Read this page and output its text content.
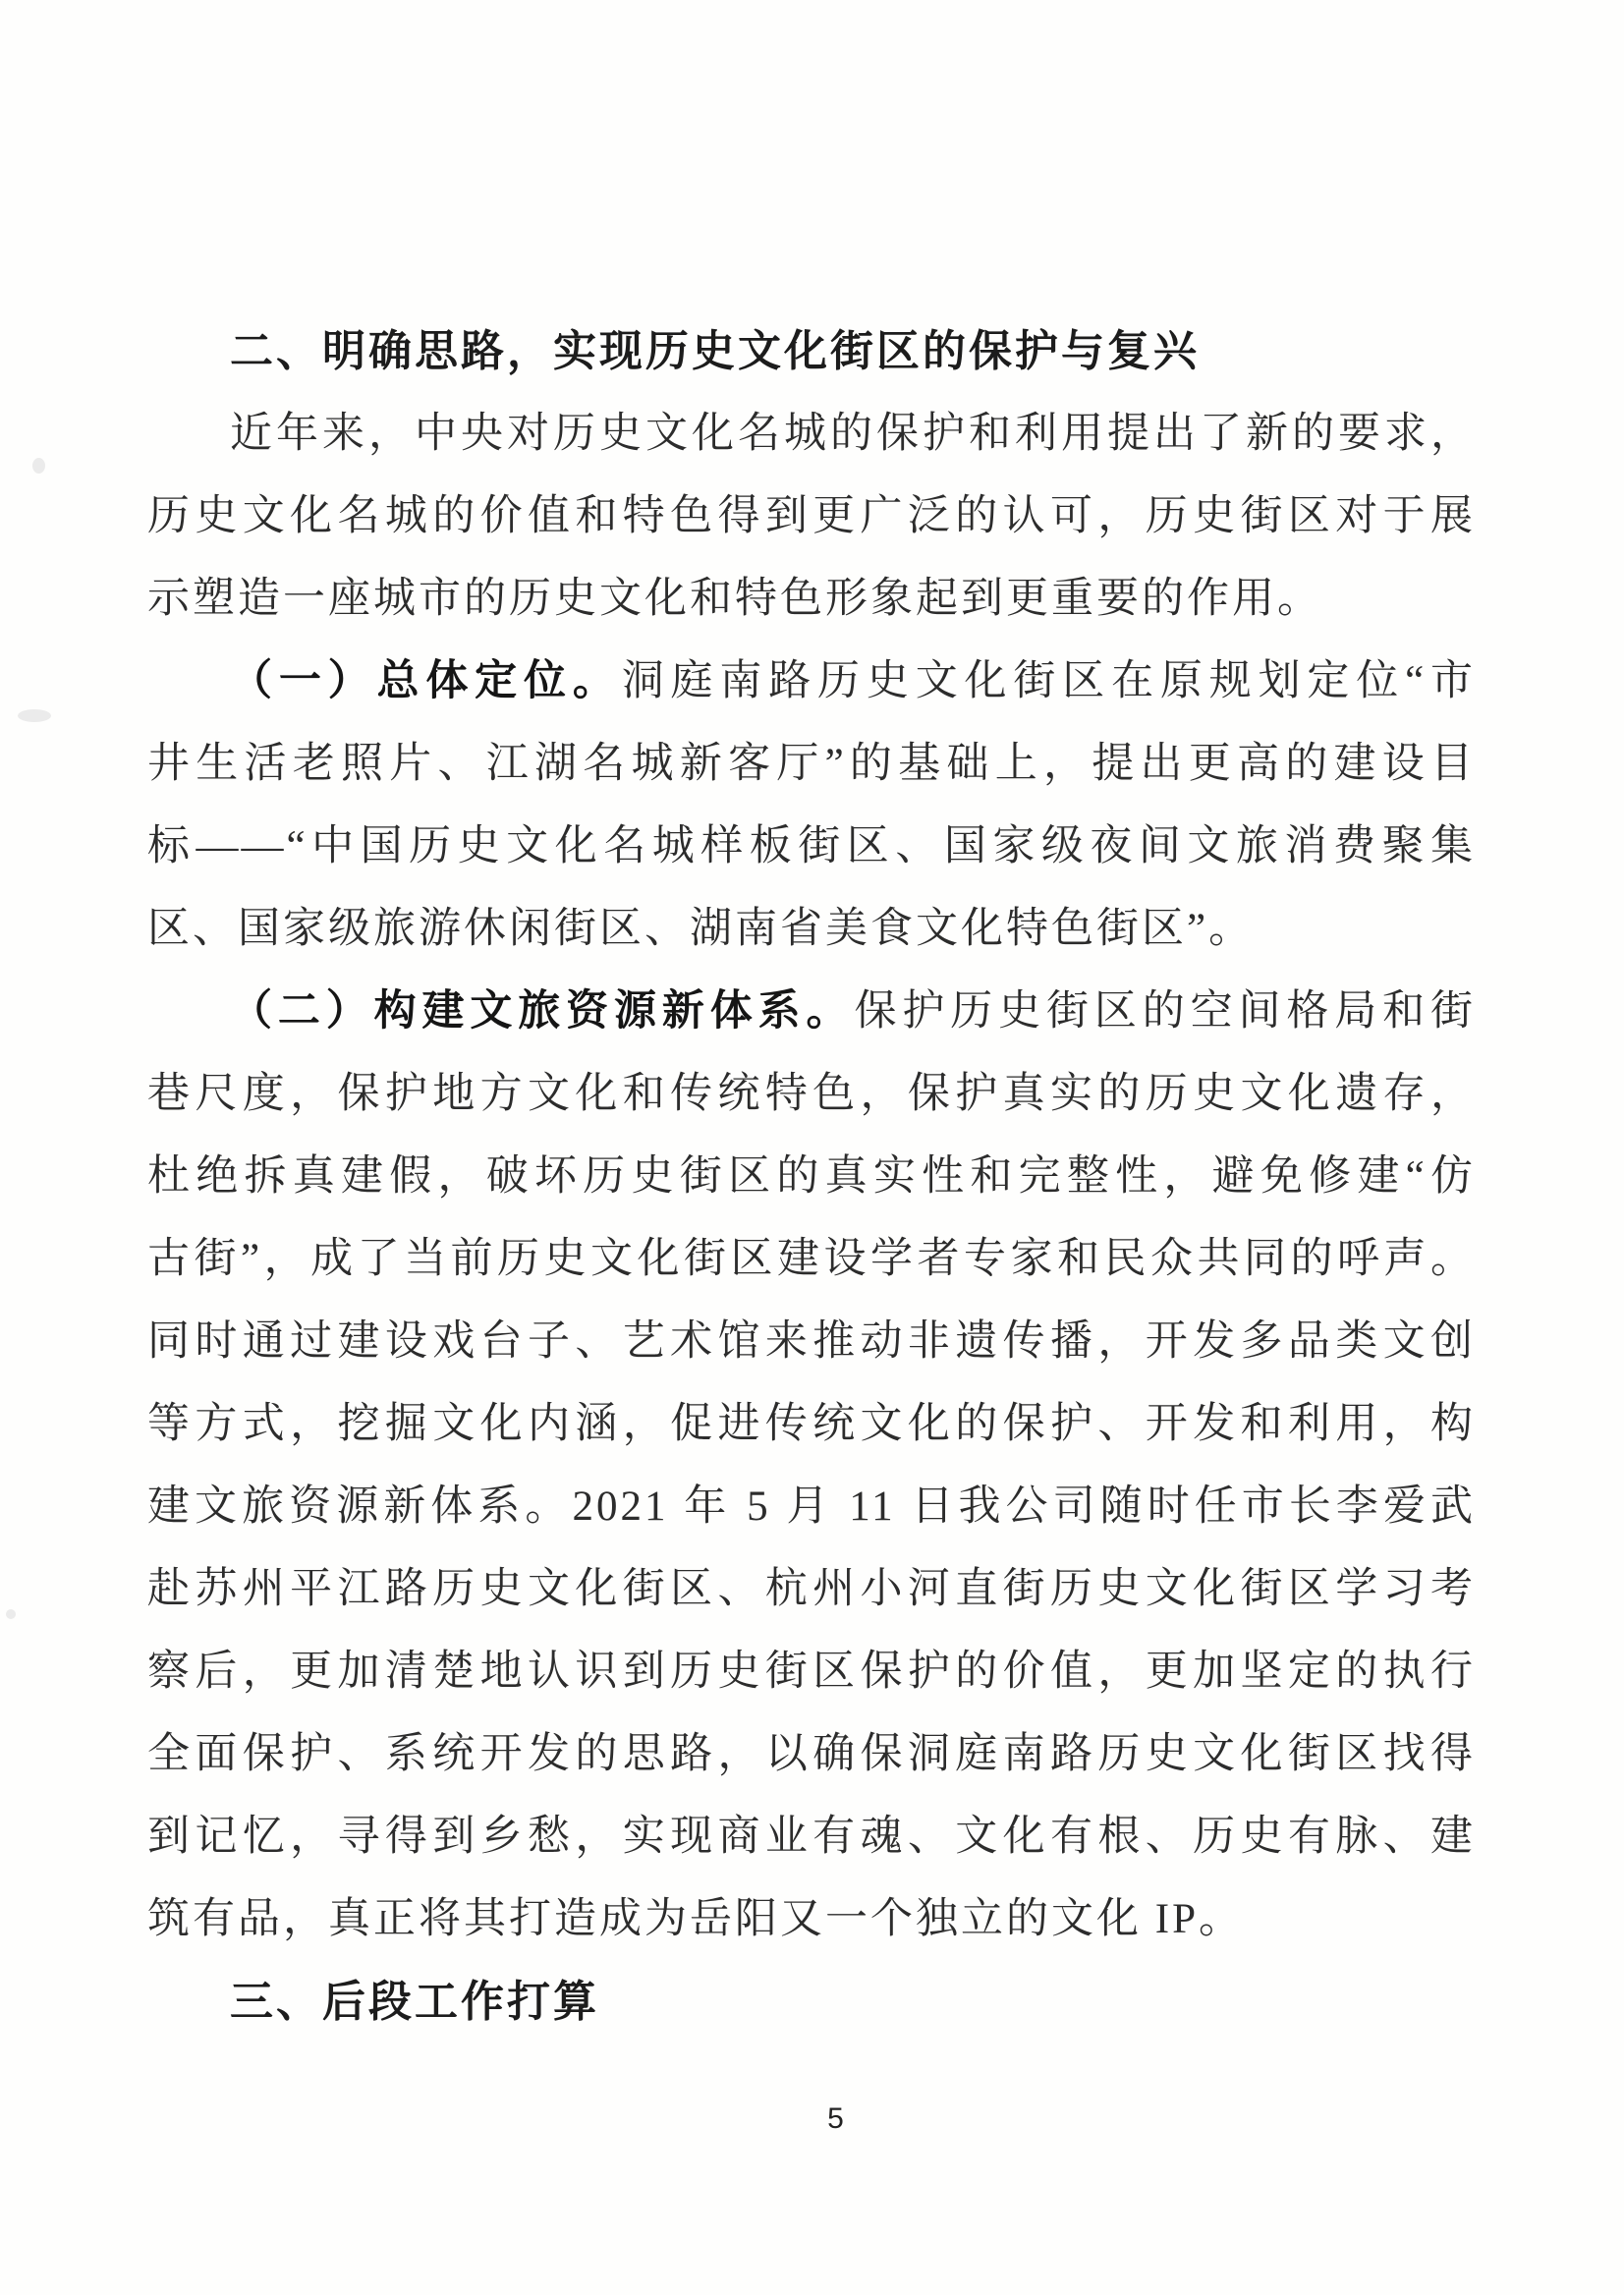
二、明确思路，实现历史文化街区的保护与复兴
近年来，中央对历史文化名城的保护和利用提出了新的要求，
历史文化名城的价值和特色得到更广泛的认可，历史街区对于展
示塑造一座城市的历史文化和特色形象起到更重要的作用。
（一）总体定位。洞庭南路历史文化街区在原规划定位“市
井生活老照片、江湖名城新客厅”的基础上，提出更高的建设目
标——“中国历史文化名城样板街区、国家级夜间文旅消费聚集
区、国家级旅游休闲街区、湖南省美食文化特色街区”。
（二）构建文旅资源新体系。保护历史街区的空间格局和街
巷尺度，保护地方文化和传统特色，保护真实的历史文化遗存，
杜绝拆真建假，破坏历史街区的真实性和完整性，避免修建“仿
古街”，成了当前历史文化街区建设学者专家和民众共同的呼声。
同时通过建设戏台子、艺术馆来推动非遗传播，开发多品类文创
等方式，挖掘文化内涵，促进传统文化的保护、开发和利用，构
建文旅资源新体系。2021 年 5 月 11 日我公司随时任市长李爱武
赴苏州平江路历史文化街区、杭州小河直街历史文化街区学习考
察后，更加清楚地认识到历史街区保护的价值，更加坚定的执行
全面保护、系统开发的思路，以确保洞庭南路历史文化街区找得
到记忆，寻得到乡愁，实现商业有魂、文化有根、历史有脉、建
筑有品，真正将其打造成为岳阳又一个独立的文化 IP。
三、后段工作打算
5
